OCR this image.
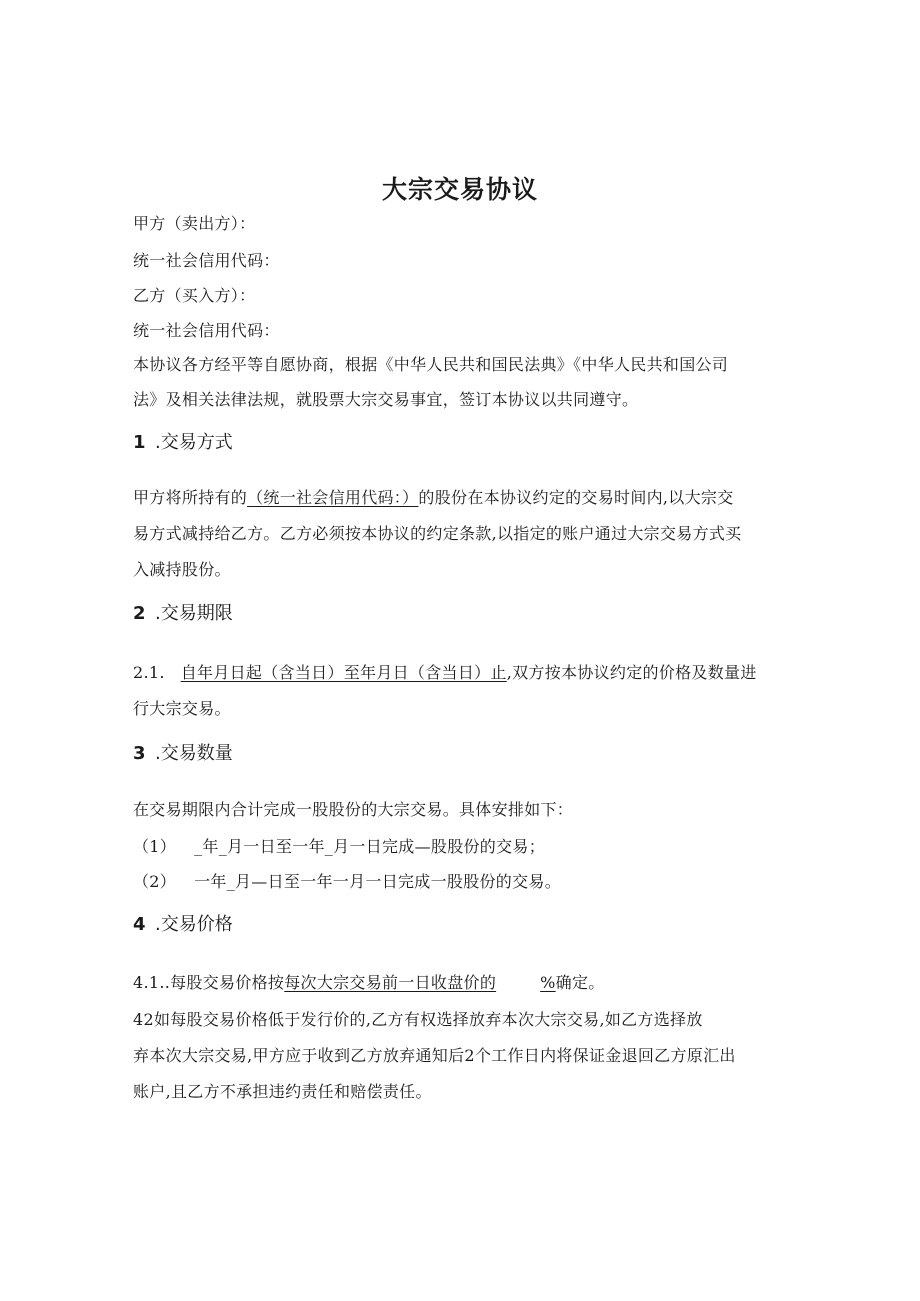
大宗交易协议
甲方（卖出方）：
统一社会信用代码：
乙方（买入方）：
统一社会信用代码：
本协议各方经平等自愿协商，根据《中华人民共和国民法典》《中华人民共和国公司
法》及相关法律法规，就股票大宗交易事宜，签订本协议以共同遵守。
1 .交易方式
甲方将所持有的（统一社会信用代码：）的股份在本协议约定的交易时间内,以大宗交
易方式减持给乙方。乙方必须按本协议的约定条款,以指定的账户通过大宗交易方式买
入减持股份。
2 .交易期限
2.1. 自年月日起（含当日）至年月日（含当日）止,双方按本协议约定的价格及数量进
行大宗交易。
3 .交易数量
在交易期限内合计完成一股股份的大宗交易。具体安排如下：
（1） _年_月一日至一年_月一日完成—股股份的交易；
（2） 一年_月—日至一年一月一日完成一股股份的交易。
4 .交易价格
4.1..每股交易价格按每次大宗交易前一日收盘价的	%确定。
42如每股交易价格低于发行价的,乙方有权选择放弃本次大宗交易,如乙方选择放
弃本次大宗交易,甲方应于收到乙方放弃通知后2个工作日内将保证金退回乙方原汇出
账户,且乙方不承担违约责任和赔偿责任。
